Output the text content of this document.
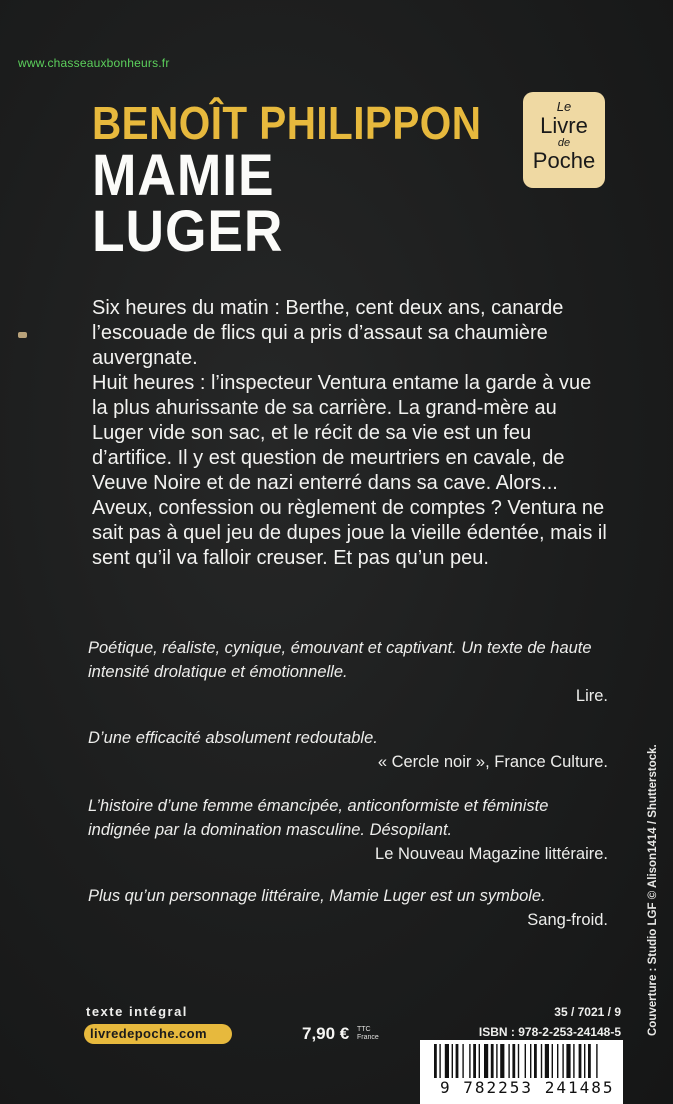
www.chasseauxbonheurs.fr
BENOÎT PHILIPPON
MAMIE
LUGER
Le
Livre
de
Poche

Six heures du matin : Berthe, cent deux ans, canarde l’escouade de flics qui a pris d’assaut sa chaumière auvergnate.

Huit heures : l’inspecteur Ventura entame la garde à vue la plus ahurissante de sa carrière. La grand-mère au Luger vide son sac, et le récit de sa vie est un feu d’artifice. Il y est question de meurtriers en cavale, de Veuve Noire et de nazi enterré dans sa cave. Alors... Aveux, confession ou règlement de comptes ? Ventura ne sait pas à quel jeu de dupes joue la vieille édentée, mais il sent qu’il va falloir creuser. Et pas qu’un peu.

Poétique, réaliste, cynique, émouvant et captivant. Un texte de haute intensité drolatique et émotionnelle.
Lire.
D’une efficacité absolument redoutable.
« Cercle noir », France Culture.
L’histoire d’une femme émancipée, anticonformiste et féministe indignée par la domination masculine. Désopilant.
Le Nouveau Magazine littéraire.
Plus qu’un personnage littéraire, Mamie Luger est un symbole.
Sang-froid.	Couverture : Studio LGF © Alison1414 / Shutterstock.
texte intégral
livredepoche.com	7,90 € TTC
France
35 / 7021 / 9
ISBN : 978-2-253-24148-5
9 782253 241485
